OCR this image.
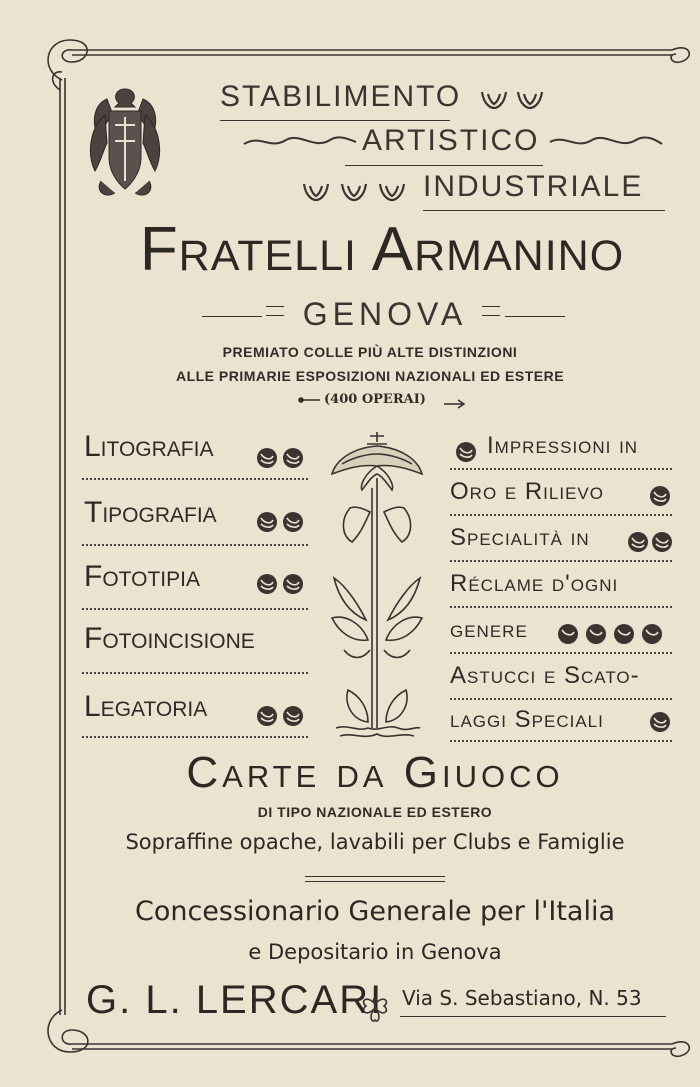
STABILIMENTO
ARTISTICO
INDUSTRIALE
Fratelli Armanino
GENOVA
PREMIATO COLLE PIÙ ALTE DISTINZIONI
ALLE PRIMARIE ESPOSIZIONI NAZIONALI ED ESTERE
(400 OPERAI)
Litografia
Tipografia
Fototipia
Fotoincisione
Legatoria
Impressioni in
Oro e Rilievo
Specialità in
Réclame d'ogni
genere
Astucci e Scato-
laggi Speciali
Carte da Giuoco
DI TIPO NAZIONALE ED ESTERO
Sopraffine opache, lavabili per Clubs e Famiglie
Concessionario Generale per l'Italia
e Depositario in Genova
G. L. LERCARI Via S. Sebastiano, N. 53
